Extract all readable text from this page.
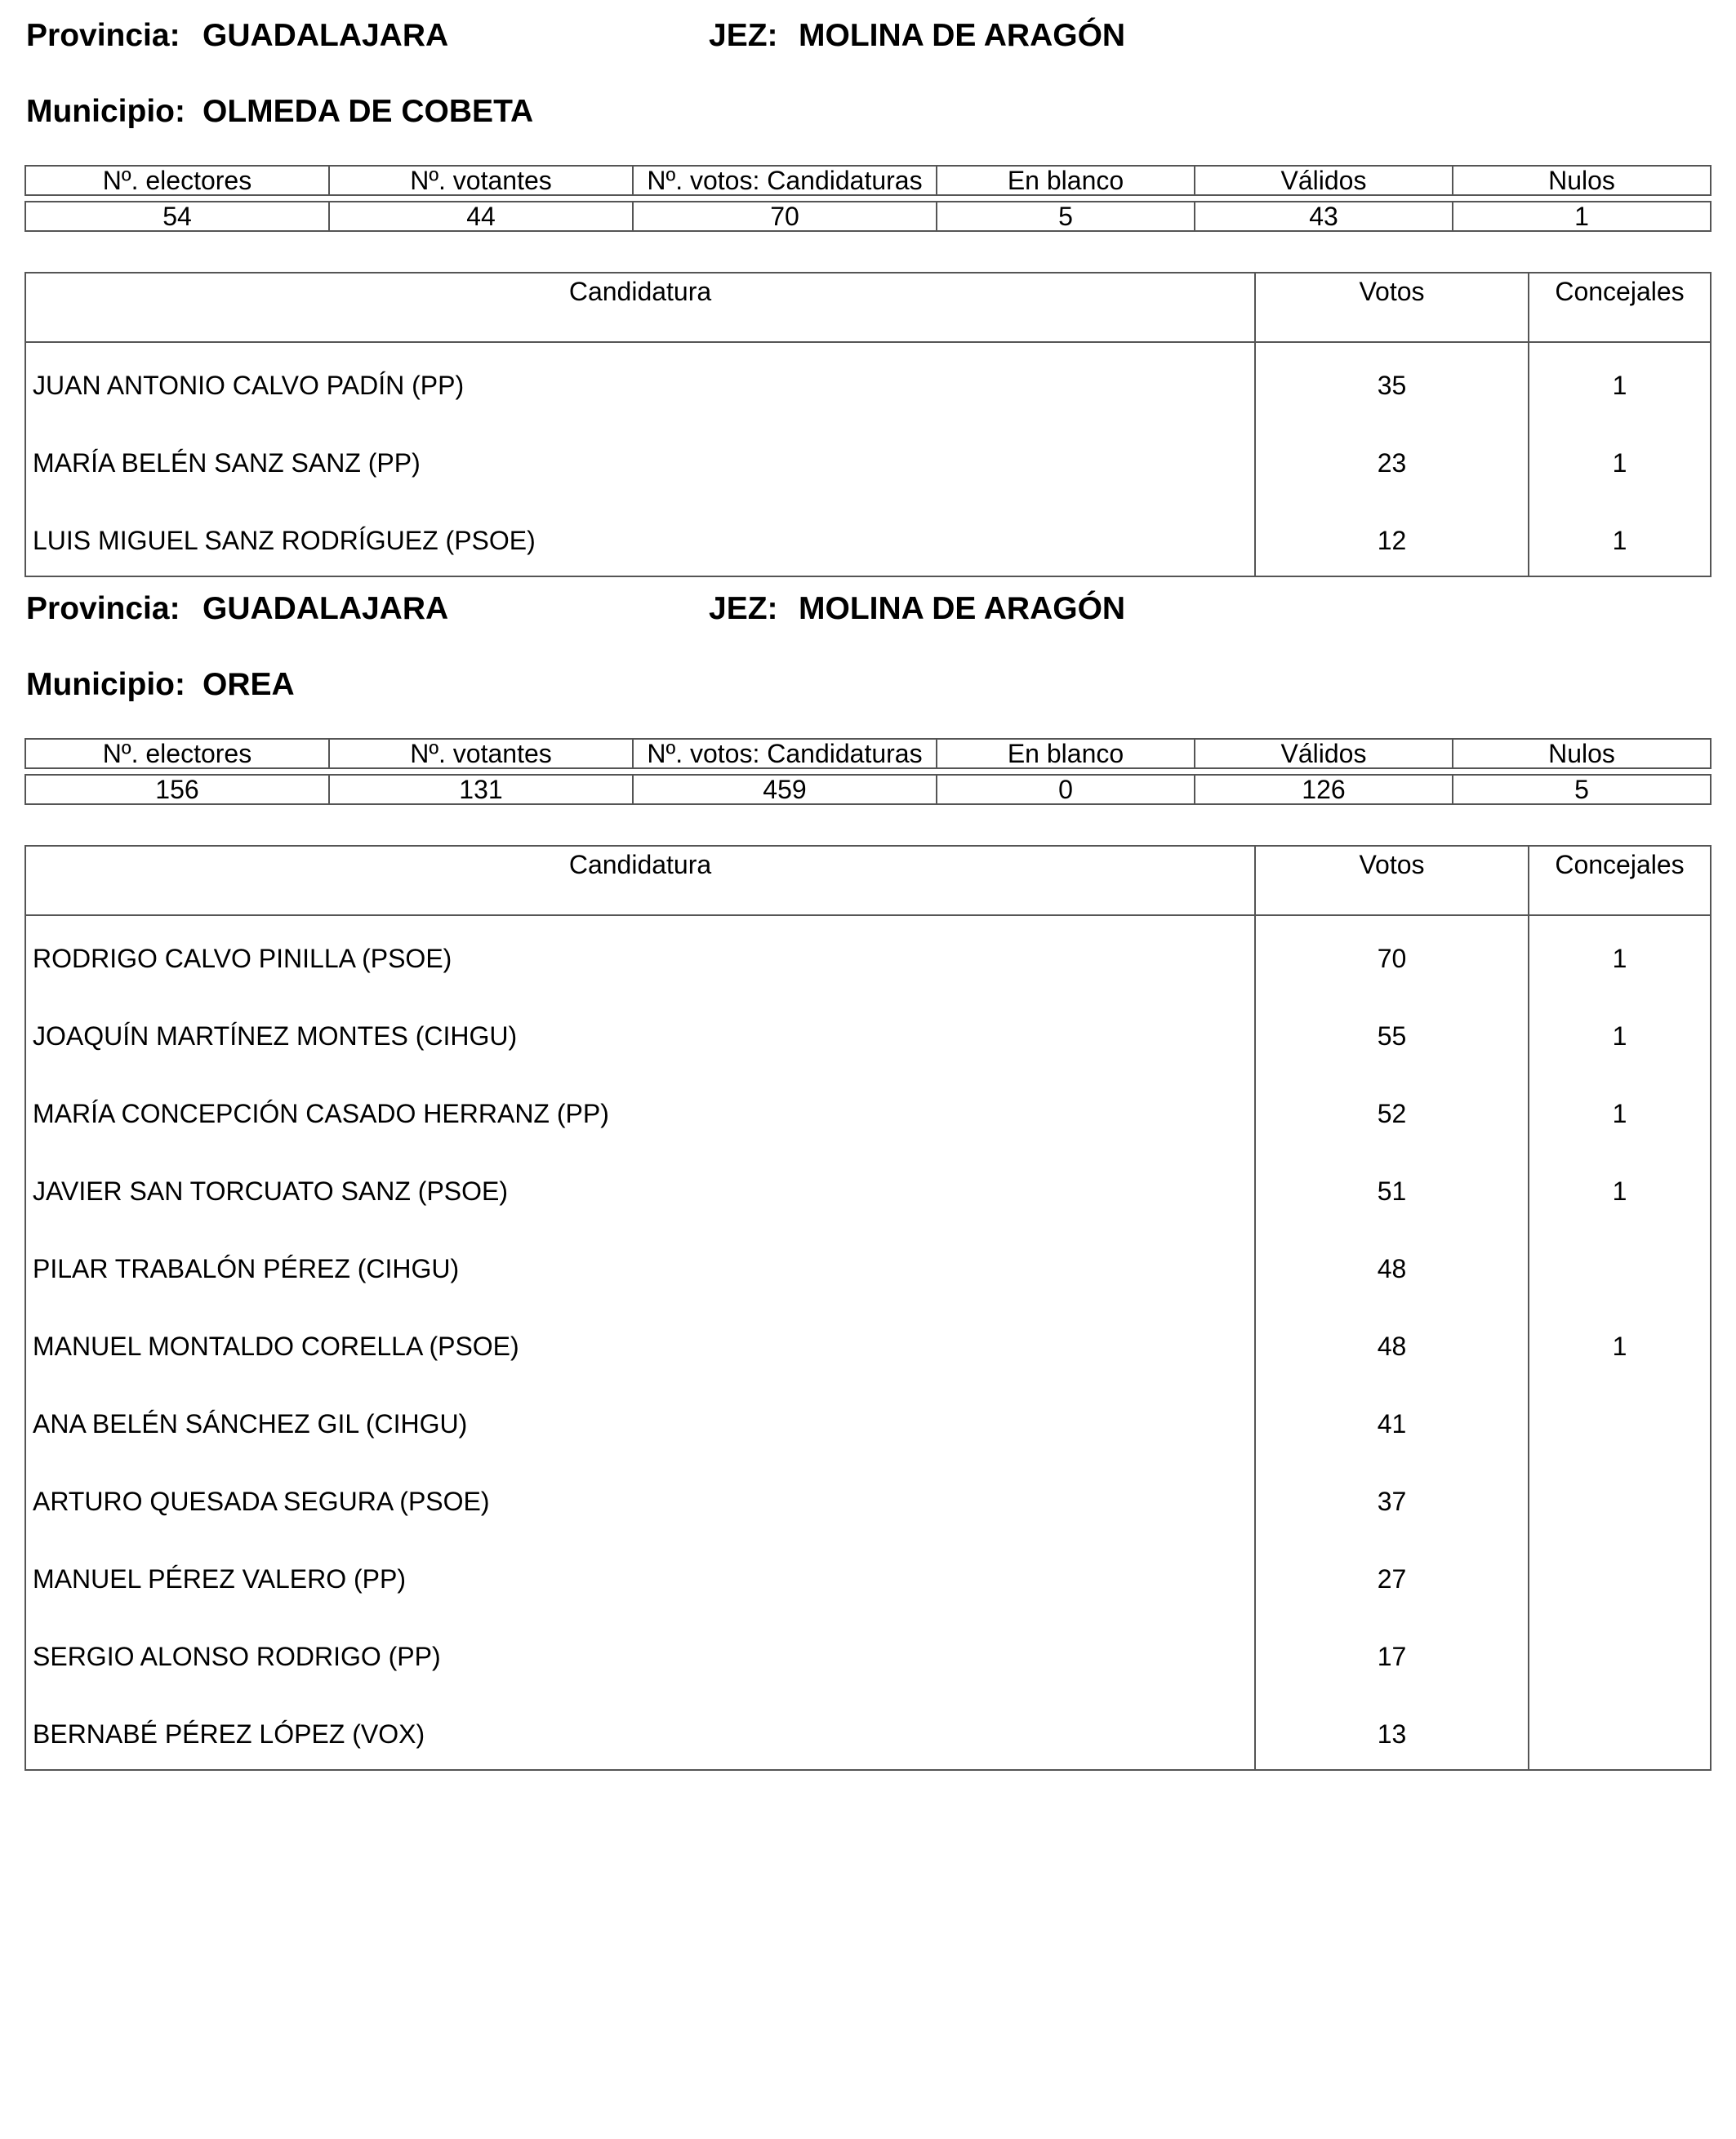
Provincia: GUADALAJARA	JEZ: MOLINA DE ARAGÓN
Municipio: OLMEDA DE COBETA
Nº. electores	Nº. votantes	Nº. votos: Candidaturas	En blanco	Válidos	Nulos

54	44	70	5	43	1
Candidatura	Votos	Concejales
JUAN ANTONIO CALVO PADÍN (PP)	35	1
MARÍA BELÉN SANZ SANZ (PP)	23	1
LUIS MIGUEL SANZ RODRÍGUEZ (PSOE)	12	1
Provincia: GUADALAJARA	JEZ: MOLINA DE ARAGÓN
Municipio: OREA
Nº. electores	Nº. votantes	Nº. votos: Candidaturas	En blanco	Válidos	Nulos

156	131	459	0	126	5
Candidatura	Votos	Concejales
RODRIGO CALVO PINILLA (PSOE)	70	1
JOAQUÍN MARTÍNEZ MONTES (CIHGU)	55	1
MARÍA CONCEPCIÓN CASADO HERRANZ (PP)	52	1
JAVIER SAN TORCUATO SANZ (PSOE)	51	1
PILAR TRABALÓN PÉREZ (CIHGU)	48	
MANUEL MONTALDO CORELLA (PSOE)	48	1
ANA BELÉN SÁNCHEZ GIL (CIHGU)	41	
ARTURO QUESADA SEGURA (PSOE)	37	
MANUEL PÉREZ VALERO (PP)	27	
SERGIO ALONSO RODRIGO (PP)	17	
BERNABÉ PÉREZ LÓPEZ (VOX)	13	
